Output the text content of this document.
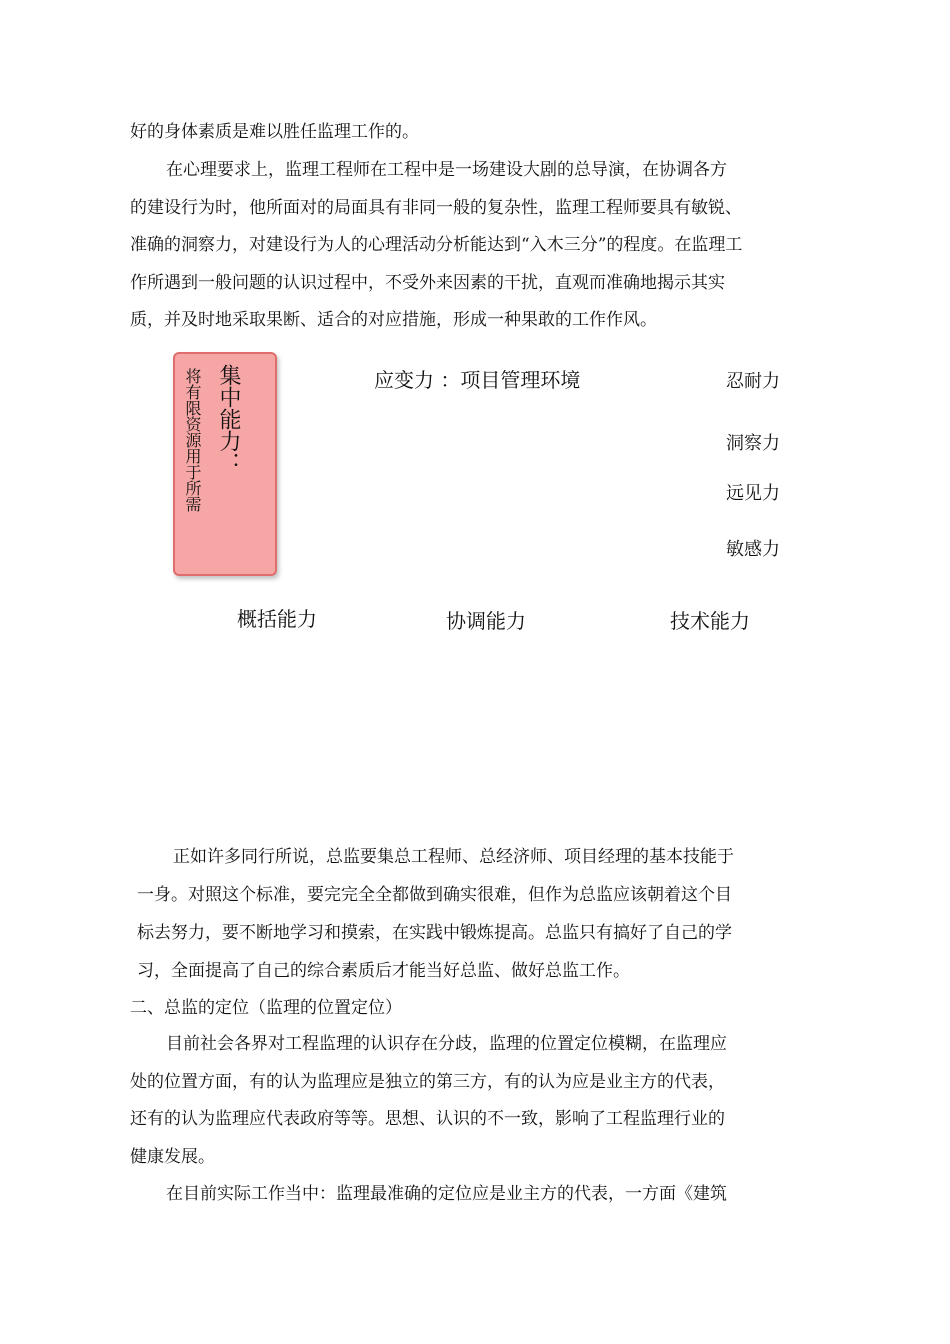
好的身体素质是难以胜任监理工作的。
在心理要求上，监理工程师在工程中是一场建设大剧的总导演，在协调各方
的建设行为时，他所面对的局面具有非同一般的复杂性，监理工程师要具有敏锐、
准确的洞察力，对建设行为人的心理活动分析能达到“入木三分”的程度。在监理工
作所遇到一般问题的认识过程中，不受外来因素的干扰，直观而准确地揭示其实
质，并及时地采取果断、适合的对应措施，形成一种果敢的工作作风。
将有限资源用于所需 集中能力：	应变力 ：项目管理环境	忍耐力
洞察力
远见力
敏感力
概括能力	协调能力	技术能力
正如许多同行所说，总监要集总工程师、总经济师、项目经理的基本技能于
一身。对照这个标准，要完完全全都做到确实很难，但作为总监应该朝着这个目
标去努力，要不断地学习和摸索，在实践中锻炼提高。总监只有搞好了自己的学
习，全面提高了自己的综合素质后才能当好总监、做好总监工作。
二、总监的定位（监理的位置定位）
目前社会各界对工程监理的认识存在分歧，监理的位置定位模糊，在监理应
处的位置方面，有的认为监理应是独立的第三方，有的认为应是业主方的代表，
还有的认为监理应代表政府等等。思想、认识的不一致，影响了工程监理行业的
健康发展。
在目前实际工作当中：监理最准确的定位应是业主方的代表，一方面《建筑
